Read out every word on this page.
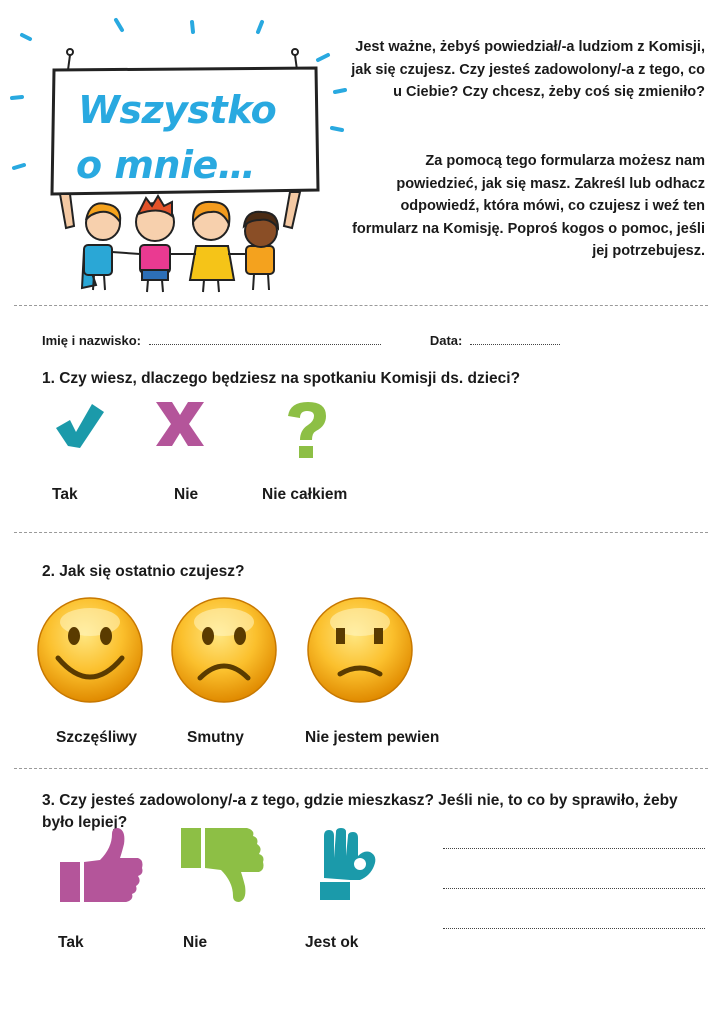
Wszystko
o mnie…
Jest ważne, żebyś powiedział/-a ludziom z Komisji, jak się czujesz. Czy jesteś zadowolony/-a z tego, co u Ciebie? Czy chcesz, żeby coś się zmieniło?
Za pomocą tego formularza możesz nam powiedzieć, jak się masz. Zakreśl lub odhacz odpowiedź, która mówi, co czujesz i weź ten formularz na Komisję. Poproś kogos o pomoc, jeśli jej potrzebujesz.
Imię i nazwisko:	Data:
1. Czy wiesz, dlaczego będziesz na spotkaniu Komisji ds. dzieci?
Tak	Nie	Nie całkiem
2. Jak się ostatnio czujesz?
Szczęśliwy	Smutny	Nie jestem pewien
3. Czy jesteś zadowolony/-a z tego, gdzie mieszkasz? Jeśli nie, to co by sprawiło, żeby było lepiej?
Tak	Nie	Jest ok
